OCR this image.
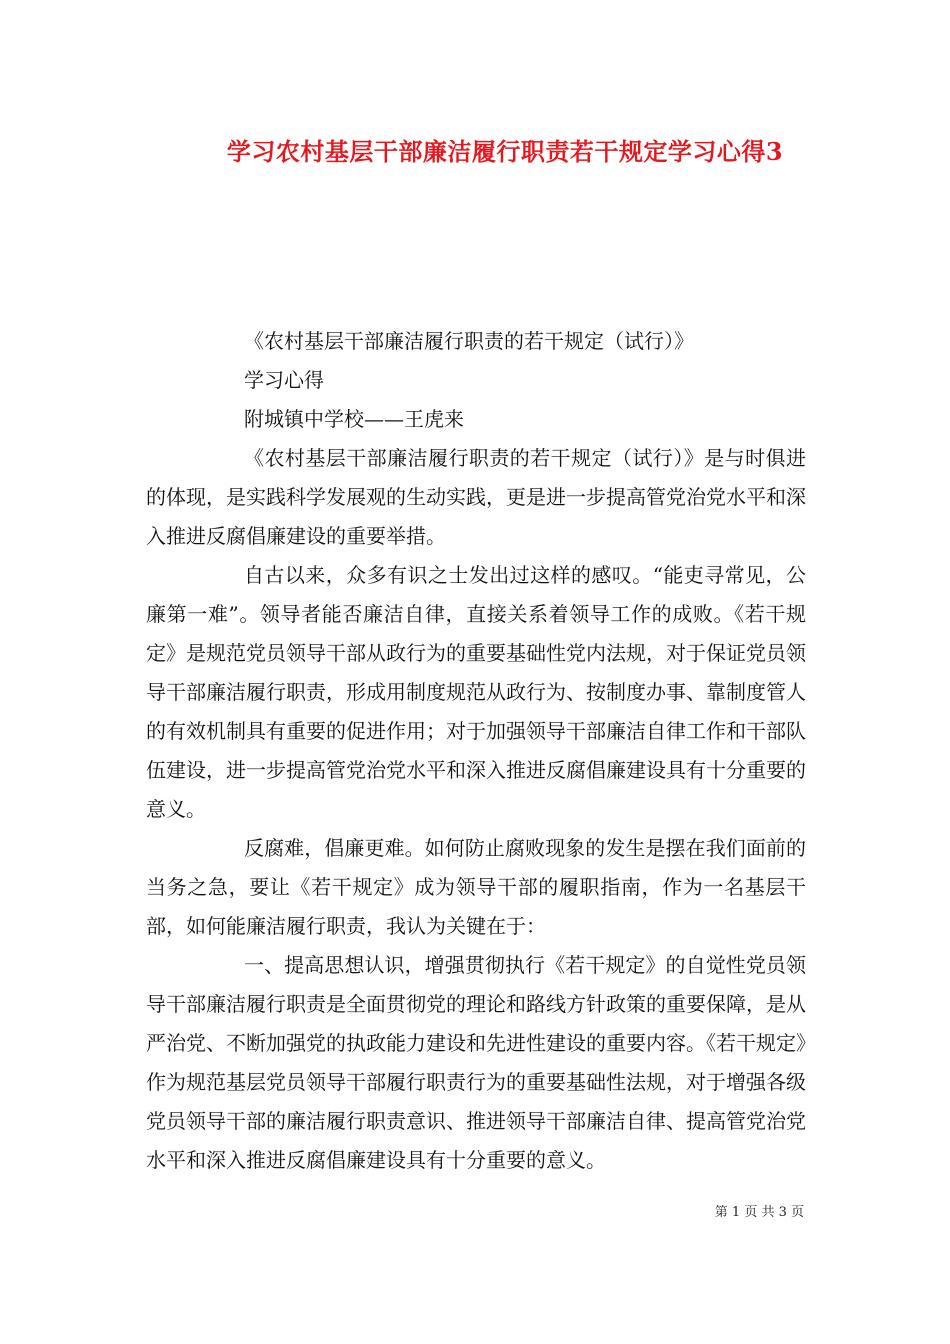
学习农村基层干部廉洁履行职责若干规定学习心得3

《农村基层干部廉洁履行职责的若干规定（试行）》

学习心得

附城镇中学校——王虎来

《农村基层干部廉洁履行职责的若干规定（试行）》是与时俱进的体现，是实践科学发展观的生动实践，更是进一步提高管党治党水平和深入推进反腐倡廉建设的重要举措。

自古以来，众多有识之士发出过这样的感叹。“能吏寻常见，公廉第一难”。领导者能否廉洁自律，直接关系着领导工作的成败。《若干规定》是规范党员领导干部从政行为的重要基础性党内法规，对于保证党员领导干部廉洁履行职责，形成用制度规范从政行为、按制度办事、靠制度管人的有效机制具有重要的促进作用；对于加强领导干部廉洁自律工作和干部队伍建设，进一步提高管党治党水平和深入推进反腐倡廉建设具有十分重要的意义。

反腐难，倡廉更难。如何防止腐败现象的发生是摆在我们面前的当务之急，要让《若干规定》成为领导干部的履职指南，作为一名基层干部，如何能廉洁履行职责，我认为关键在于：

一、提高思想认识，增强贯彻执行《若干规定》的自觉性党员领导干部廉洁履行职责是全面贯彻党的理论和路线方针政策的重要保障，是从严治党、不断加强党的执政能力建设和先进性建设的重要内容。《若干规定》作为规范基层党员领导干部履行职责行为的重要基础性法规，对于增强各级党员领导干部的廉洁履行职责意识、推进领导干部廉洁自律、提高管党治党水平和深入推进反腐倡廉建设具有十分重要的意义。

第 1 页 共 3 页
